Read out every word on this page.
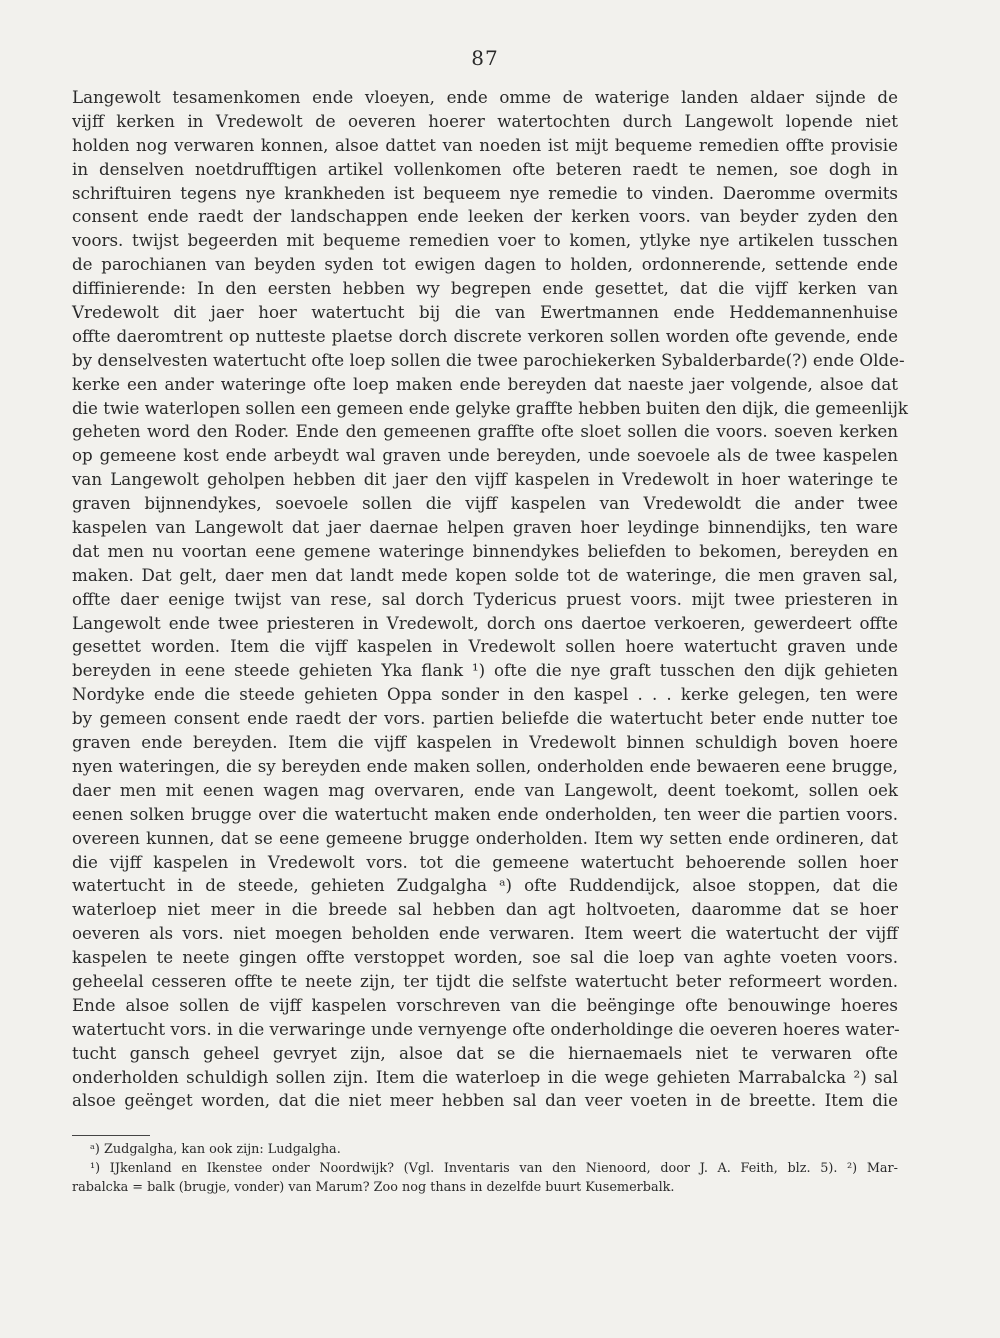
87
Langewolt tesamenkomen ende vloeyen, ende omme de waterige landen aldaer sijnde de
vijff kerken in Vredewolt de oeveren hoerer watertochten durch Langewolt lopende niet
holden nog verwaren konnen, alsoe dattet van noeden ist mijt bequeme remedien offte provisie
in denselven noetdrufftigen artikel vollenkomen ofte beteren raedt te nemen, soe dogh in
schriftuiren tegens nye krankheden ist bequeem nye remedie to vinden. Daeromme overmits
consent ende raedt der landschappen ende leeken der kerken voors. van beyder zyden den
voors. twijst begeerden mit bequeme remedien voer to komen, ytlyke nye artikelen tusschen
de parochianen van beyden syden tot ewigen dagen to holden, ordonnerende, settende ende
diffinierende: In den eersten hebben wy begrepen ende gesettet, dat die vijff kerken van
Vredewolt dit jaer hoer watertucht bij die van Ewertmannen ende Heddemannenhuise
offte daeromtrent op nutteste plaetse dorch discrete verkoren sollen worden ofte gevende, ende
by denselvesten watertucht ofte loep sollen die twee parochiekerken Sybalderbarde(?) ende Olde-
kerke een ander wateringe ofte loep maken ende bereyden dat naeste jaer volgende, alsoe dat
die twie waterlopen sollen een gemeen ende gelyke graffte hebben buiten den dijk, die gemeenlijk
geheten word den Roder. Ende den gemeenen graffte ofte sloet sollen die voors. soeven kerken
op gemeene kost ende arbeydt wal graven unde bereyden, unde soevoele als de twee kaspelen
van Langewolt geholpen hebben dit jaer den vijff kaspelen in Vredewolt in hoer wateringe te
graven bijnnendykes, soevoele sollen die vijff kaspelen van Vredewoldt die ander twee
kaspelen van Langewolt dat jaer daernae helpen graven hoer leydinge binnendijks, ten ware
dat men nu voortan eene gemene wateringe binnendykes beliefden to bekomen, bereyden en
maken. Dat gelt, daer men dat landt mede kopen solde tot de wateringe, die men graven sal,
offte daer eenige twijst van rese, sal dorch Tydericus pruest voors. mijt twee priesteren in
Langewolt ende twee priesteren in Vredewolt, dorch ons daertoe verkoeren, gewerdeert offte
gesettet worden. Item die vijff kaspelen in Vredewolt sollen hoere watertucht graven unde
bereyden in eene steede gehieten Yka flank ¹) ofte die nye graft tusschen den dijk gehieten
Nordyke ende die steede gehieten Oppa sonder in den kaspel . . . kerke gelegen, ten were
by gemeen consent ende raedt der vors. partien beliefde die watertucht beter ende nutter toe
graven ende bereyden. Item die vijff kaspelen in Vredewolt binnen schuldigh boven hoere
nyen wateringen, die sy bereyden ende maken sollen, onderholden ende bewaeren eene brugge,
daer men mit eenen wagen mag overvaren, ende van Langewolt, deent toekomt, sollen oek
eenen solken brugge over die watertucht maken ende onderholden, ten weer die partien voors.
overeen kunnen, dat se eene gemeene brugge onderholden. Item wy setten ende ordineren, dat
die vijff kaspelen in Vredewolt vors. tot die gemeene watertucht behoerende sollen hoer
watertucht in de steede, gehieten Zudgalgha ᵃ) ofte Ruddendijck, alsoe stoppen, dat die
waterloep niet meer in die breede sal hebben dan agt holtvoeten, daaromme dat se hoer
oeveren als vors. niet moegen beholden ende verwaren. Item weert die watertucht der vijff
kaspelen te neete gingen offte verstoppet worden, soe sal die loep van aghte voeten voors.
geheelal cesseren offte te neete zijn, ter tijdt die selfste watertucht beter reformeert worden.
Ende alsoe sollen de vijff kaspelen vorschreven van die beënginge ofte benouwinge hoeres
watertucht vors. in die verwaringe unde vernyenge ofte onderholdinge die oeveren hoeres water-
tucht gansch geheel gevryet zijn, alsoe dat se die hiernaemaels niet te verwaren ofte
onderholden schuldigh sollen zijn. Item die waterloep in die wege gehieten Marrabalcka ²) sal
alsoe geënget worden, dat die niet meer hebben sal dan veer voeten in de breette. Item die
ᵃ) Zudgalgha, kan ook zijn: Ludgalgha.
¹) IJkenland en Ikenstee onder Noordwijk? (Vgl. Inventaris van den Nienoord, door J. A. Feith, blz. 5). ²) Mar-
rabalcka = balk (brugje, vonder) van Marum? Zoo nog thans in dezelfde buurt Kusemerbalk.
